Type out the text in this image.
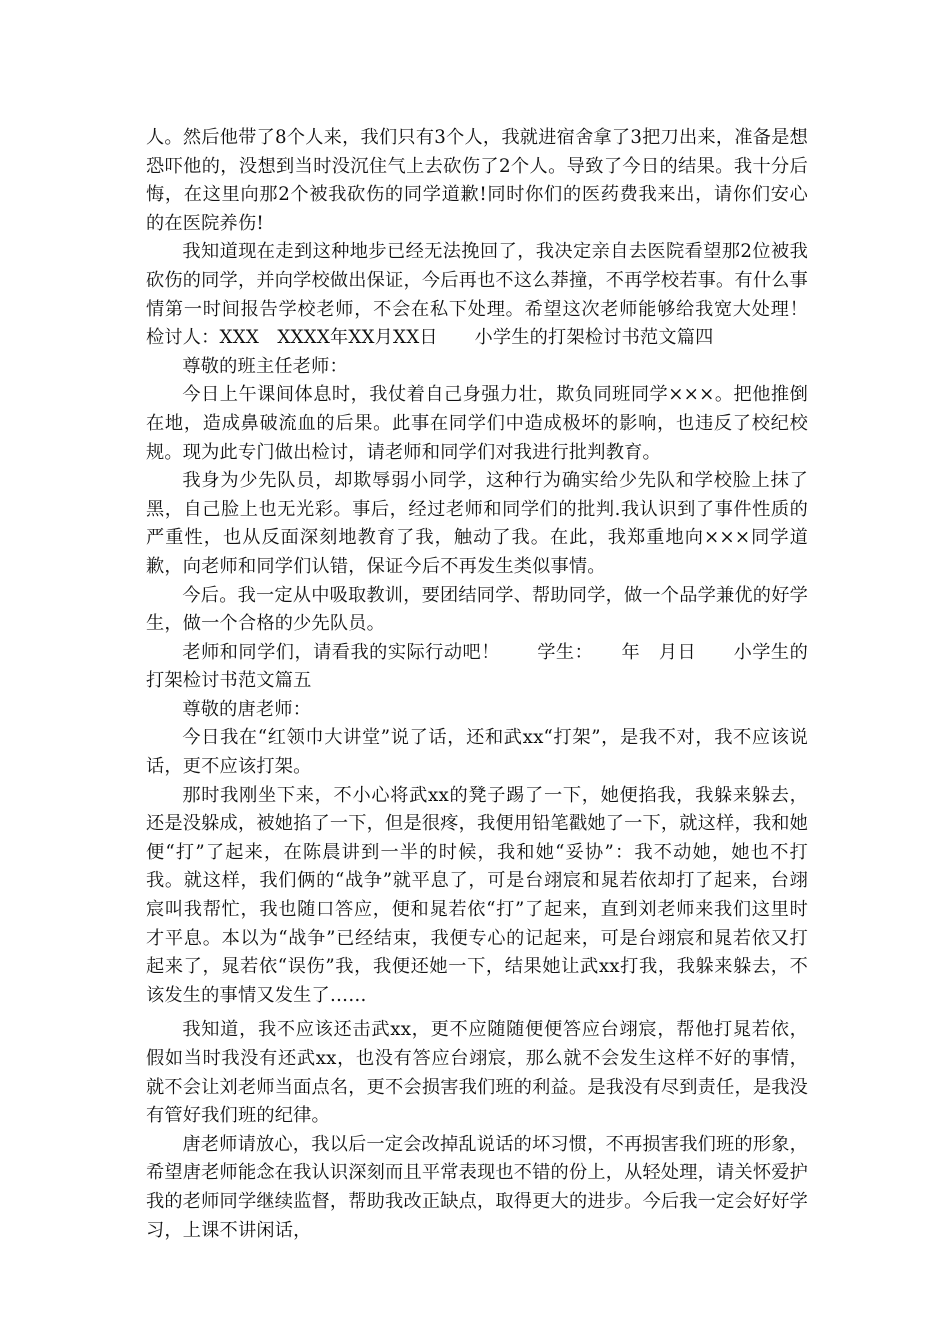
人。然后他带了8个人来，我们只有3个人，我就进宿舍拿了3把刀出来，准备是想恐吓他的，没想到当时没沉住气上去砍伤了2个人。导致了今日的结果。我十分后悔，在这里向那2个被我砍伤的同学道歉!同时你们的医药费我来出，请你们安心的在医院养伤!

我知道现在走到这种地步已经无法挽回了，我决定亲自去医院看望那2位被我砍伤的同学，并向学校做出保证，今后再也不这么莽撞，不再学校若事。有什么事情第一时间报告学校老师，不会在私下处理。希望这次老师能够给我宽大处理！　　检讨人：XXX　XXXX年XX月XX日　　小学生的打架检讨书范文篇四

尊敬的班主任老师：

今日上午课间体息时，我仗着自己身强力壮，欺负同班同学×××。把他推倒在地，造成鼻破流血的后果。此事在同学们中造成极坏的影响，也违反了校纪校规。现为此专门做出检讨，请老师和同学们对我进行批判教育。

我身为少先队员，却欺辱弱小同学，这种行为确实给少先队和学校脸上抹了黑，自己脸上也无光彩。事后，经过老师和同学们的批判.我认识到了事件性质的严重性，也从反面深刻地教育了我，触动了我。在此，我郑重地向×××同学道歉，向老师和同学们认错，保证今后不再发生类似事情。

今后。我一定从中吸取教训，要团结同学、帮助同学，做一个品学兼优的好学生，做一个合格的少先队员。

老师和同学们，请看我的实际行动吧！　　学生：　　年　月日　　小学生的打架检讨书范文篇五

尊敬的唐老师：

今日我在“红领巾大讲堂”说了话，还和武xx“打架”，是我不对，我不应该说话，更不应该打架。

那时我刚坐下来，不小心将武xx的凳子踢了一下，她便掐我，我躲来躲去，还是没躲成，被她掐了一下，但是很疼，我便用铅笔戳她了一下，就这样，我和她便“打”了起来，在陈晨讲到一半的时候，我和她“妥协”：我不动她，她也不打我。就这样，我们俩的“战争”就平息了，可是台翊宸和晁若依却打了起来，台翊宸叫我帮忙，我也随口答应，便和晁若依“打”了起来，直到刘老师来我们这里时才平息。本以为“战争”已经结束，我便专心的记起来，可是台翊宸和晁若依又打起来了，晁若依“误伤”我，我便还她一下，结果她让武xx打我，我躲来躲去，不该发生的事情又发生了……

我知道，我不应该还击武xx，更不应随随便便答应台翊宸，帮他打晁若依，假如当时我没有还武xx，也没有答应台翊宸，那么就不会发生这样不好的事情，就不会让刘老师当面点名，更不会损害我们班的利益。是我没有尽到责任，是我没有管好我们班的纪律。

唐老师请放心，我以后一定会改掉乱说话的坏习惯，不再损害我们班的形象，希望唐老师能念在我认识深刻而且平常表现也不错的份上，从轻处理，请关怀爱护我的老师同学继续监督，帮助我改正缺点，取得更大的进步。今后我一定会好好学习，上课不讲闲话，
